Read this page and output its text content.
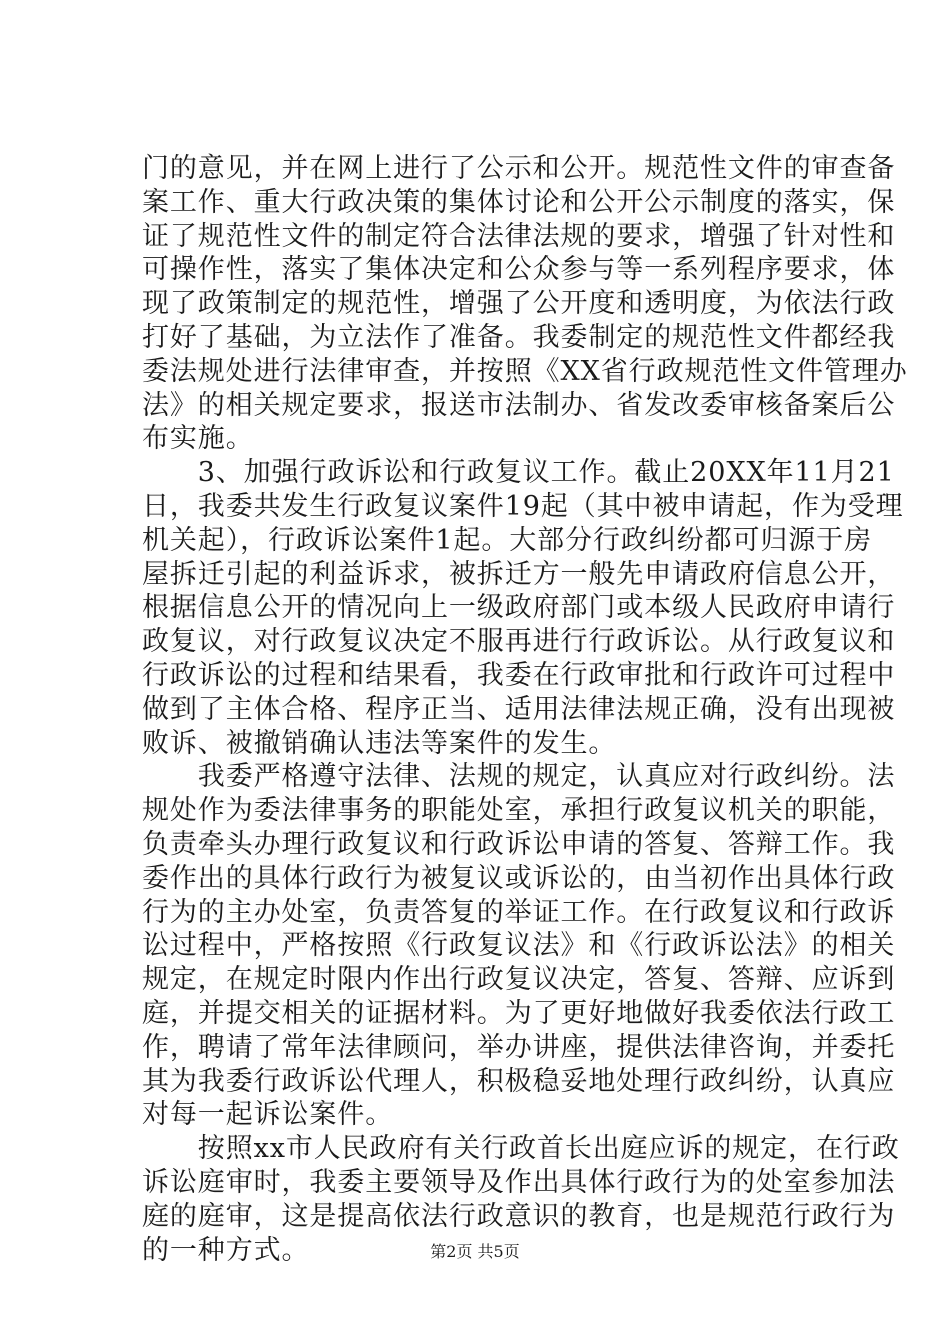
门的意见，并在网上进行了公示和公开。规范性文件的审查备
案工作、重大行政决策的集体讨论和公开公示制度的落实，保
证了规范性文件的制定符合法律法规的要求，增强了针对性和
可操作性，落实了集体决定和公众参与等一系列程序要求，体
现了政策制定的规范性，增强了公开度和透明度，为依法行政
打好了基础，为立法作了准备。我委制定的规范性文件都经我
委法规处进行法律审查，并按照《XX省行政规范性文件管理办
法》的相关规定要求，报送市法制办、省发改委审核备案后公
布实施。
　　3、加强行政诉讼和行政复议工作。截止20XX年11月21
日，我委共发生行政复议案件19起（其中被申请起，作为受理
机关起），行政诉讼案件1起。大部分行政纠纷都可归源于房
屋拆迁引起的利益诉求，被拆迁方一般先申请政府信息公开，
根据信息公开的情况向上一级政府部门或本级人民政府申请行
政复议，对行政复议决定不服再进行行政诉讼。从行政复议和
行政诉讼的过程和结果看，我委在行政审批和行政许可过程中
做到了主体合格、程序正当、适用法律法规正确，没有出现被
败诉、被撤销确认违法等案件的发生。
　　我委严格遵守法律、法规的规定，认真应对行政纠纷。法
规处作为委法律事务的职能处室，承担行政复议机关的职能，
负责牵头办理行政复议和行政诉讼申请的答复、答辩工作。我
委作出的具体行政行为被复议或诉讼的，由当初作出具体行政
行为的主办处室，负责答复的举证工作。在行政复议和行政诉
讼过程中，严格按照《行政复议法》和《行政诉讼法》的相关
规定，在规定时限内作出行政复议决定，答复、答辩、应诉到
庭，并提交相关的证据材料。为了更好地做好我委依法行政工
作，聘请了常年法律顾问，举办讲座，提供法律咨询，并委托
其为我委行政诉讼代理人，积极稳妥地处理行政纠纷，认真应
对每一起诉讼案件。
　　按照xx市人民政府有关行政首长出庭应诉的规定，在行政
诉讼庭审时，我委主要领导及作出具体行政行为的处室参加法
庭的庭审，这是提高依法行政意识的教育，也是规范行政行为
的一种方式。	第2页 共5页
